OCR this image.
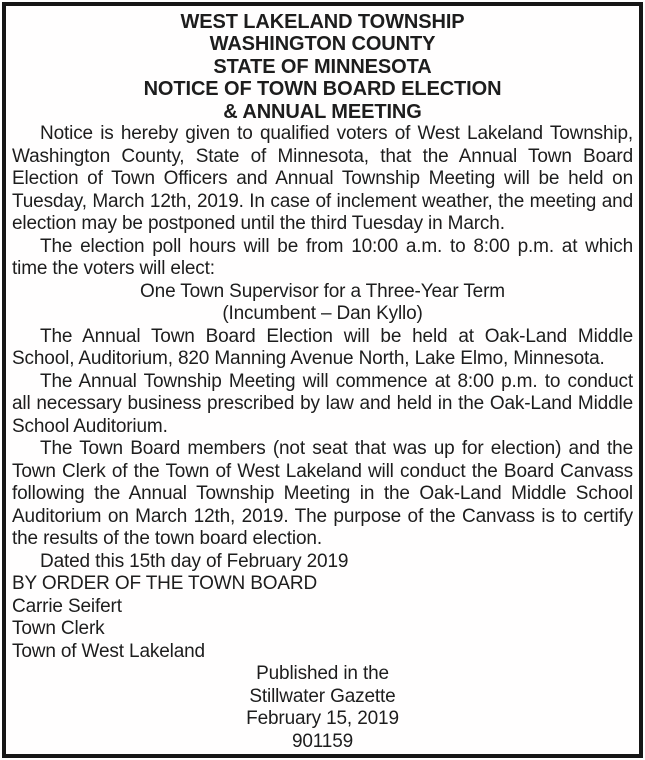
WEST LAKELAND TOWNSHIP
WASHINGTON COUNTY
STATE OF MINNESOTA
NOTICE OF TOWN BOARD ELECTION
& ANNUAL MEETING

Notice is hereby given to qualified voters of West Lakeland Township, Washington County, State of Minnesota, that the Annual Town Board Election of Town Officers and Annual Township Meeting will be held on Tuesday, March 12th, 2019. In case of inclement weather, the meeting and election may be postponed until the third Tuesday in March.

The election poll hours will be from 10:00 a.m. to 8:00 p.m. at which time the voters will elect:

One Town Supervisor for a Three-Year Term

(Incumbent – Dan Kyllo)

The Annual Town Board Election will be held at Oak-Land Middle School, Auditorium, 820 Manning Avenue North, Lake Elmo, Minnesota.

The Annual Township Meeting will commence at 8:00 p.m. to conduct all necessary business prescribed by law and held in the Oak-Land Middle School Auditorium.

The Town Board members (not seat that was up for election) and the Town Clerk of the Town of West Lakeland will conduct the Board Canvass following the Annual Township Meeting in the Oak-Land Middle School Auditorium on March 12th, 2019. The purpose of the Canvass is to certify the results of the town board election.

Dated this 15th day of February 2019

BY ORDER OF THE TOWN BOARD

Carrie Seifert

Town Clerk

Town of West Lakeland

Published in the

Stillwater Gazette

February 15, 2019

901159
